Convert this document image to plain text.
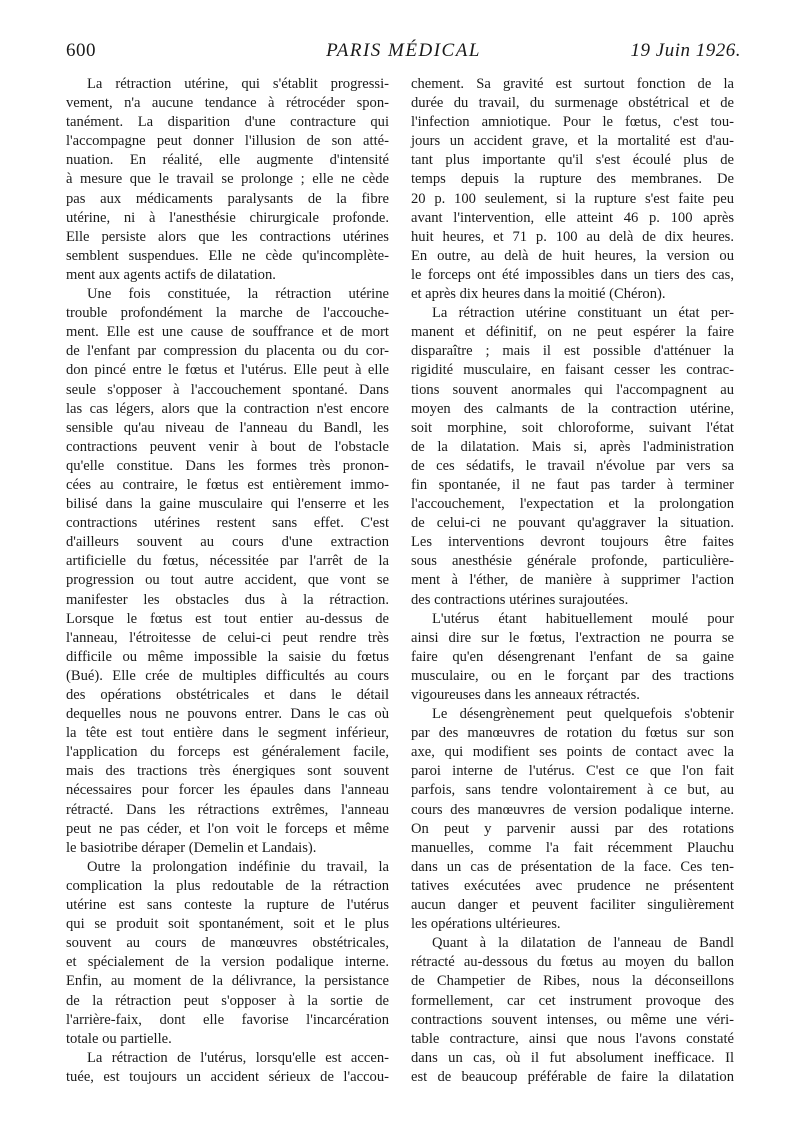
600	PARIS MÉDICAL	19 Juin 1926.
La rétraction utérine, qui s'établit progressi-
vement, n'a aucune tendance à rétrocéder spon-
tanément. La disparition d'une contracture qui
l'accompagne peut donner l'illusion de son atté-
nuation. En réalité, elle augmente d'intensité
à mesure que le travail se prolonge ; elle ne cède
pas aux médicaments paralysants de la fibre
utérine, ni à l'anesthésie chirurgicale profonde.
Elle persiste alors que les contractions utérines
semblent suspendues. Elle ne cède qu'incomplète-
ment aux agents actifs de dilatation.
Une fois constituée, la rétraction utérine
trouble profondément la marche de l'accouche-
ment. Elle est une cause de souffrance et de mort
de l'enfant par compression du placenta ou du cor-
don pincé entre le fœtus et l'utérus. Elle peut à elle
seule s'opposer à l'accouchement spontané. Dans
las cas légers, alors que la contraction n'est encore
sensible qu'au niveau de l'anneau du Bandl, les
contractions peuvent venir à bout de l'obstacle
qu'elle constitue. Dans les formes très pronon-
cées au contraire, le fœtus est entièrement immo-
bilisé dans la gaine musculaire qui l'enserre et les
contractions utérines restent sans effet. C'est
d'ailleurs souvent au cours d'une extraction
artificielle du fœtus, nécessitée par l'arrêt de la
progression ou tout autre accident, que vont se
manifester les obstacles dus à la rétraction.
Lorsque le fœtus est tout entier au-dessus de
l'anneau, l'étroitesse de celui-ci peut rendre très
difficile ou même impossible la saisie du fœtus
(Bué). Elle crée de multiples difficultés au cours
des opérations obstétricales et dans le détail
dequelles nous ne pouvons entrer. Dans le cas où
la tête est tout entière dans le segment inférieur,
l'application du forceps est généralement facile,
mais des tractions très énergiques sont souvent
nécessaires pour forcer les épaules dans l'anneau
rétracté. Dans les rétractions extrêmes, l'anneau
peut ne pas céder, et l'on voit le forceps et même
le basiotribe déraper (Demelin et Landais).
Outre la prolongation indéfinie du travail, la
complication la plus redoutable de la rétraction
utérine est sans conteste la rupture de l'utérus
qui se produit soit spontanément, soit et le plus
souvent au cours de manœuvres obstétricales,
et spécialement de la version podalique interne.
Enfin, au moment de la délivrance, la persistance
de la rétraction peut s'opposer à la sortie de
l'arrière-faix, dont elle favorise l'incarcération
totale ou partielle.
La rétraction de l'utérus, lorsqu'elle est accen-
tuée, est toujours un accident sérieux de l'accou-
chement. Sa gravité est surtout fonction de la
durée du travail, du surmenage obstétrical et de
l'infection amniotique. Pour le fœtus, c'est tou-
jours un accident grave, et la mortalité est d'au-
tant plus importante qu'il s'est écoulé plus de
temps depuis la rupture des membranes. De
20 p. 100 seulement, si la rupture s'est faite peu
avant l'intervention, elle atteint 46 p. 100 après
huit heures, et 71 p. 100 au delà de dix heures.
En outre, au delà de huit heures, la version ou
le forceps ont été impossibles dans un tiers des cas,
et après dix heures dans la moitié (Chéron).
La rétraction utérine constituant un état per-
manent et définitif, on ne peut espérer la faire
disparaître ; mais il est possible d'atténuer la
rigidité musculaire, en faisant cesser les contrac-
tions souvent anormales qui l'accompagnent au
moyen des calmants de la contraction utérine,
soit morphine, soit chloroforme, suivant l'état
de la dilatation. Mais si, après l'administration
de ces sédatifs, le travail n'évolue par vers sa
fin spontanée, il ne faut pas tarder à terminer
l'accouchement, l'expectation et la prolongation
de celui-ci ne pouvant qu'aggraver la situation.
Les interventions devront toujours être faites
sous anesthésie générale profonde, particulière-
ment à l'éther, de manière à supprimer l'action
des contractions utérines surajoutées.
L'utérus étant habituellement moulé pour
ainsi dire sur le fœtus, l'extraction ne pourra se
faire qu'en désengrenant l'enfant de sa gaine
musculaire, ou en le forçant par des tractions
vigoureuses dans les anneaux rétractés.
Le désengrènement peut quelquefois s'obtenir
par des manœuvres de rotation du fœtus sur son
axe, qui modifient ses points de contact avec la
paroi interne de l'utérus. C'est ce que l'on fait
parfois, sans tendre volontairement à ce but, au
cours des manœuvres de version podalique interne.
On peut y parvenir aussi par des rotations
manuelles, comme l'a fait récemment Plauchu
dans un cas de présentation de la face. Ces ten-
tatives exécutées avec prudence ne présentent
aucun danger et peuvent faciliter singulièrement
les opérations ultérieures.
Quant à la dilatation de l'anneau de Bandl
rétracté au-dessous du fœtus au moyen du ballon
de Champetier de Ribes, nous la déconseillons
formellement, car cet instrument provoque des
contractions souvent intenses, ou même une véri-
table contracture, ainsi que nous l'avons constaté
dans un cas, où il fut absolument inefficace. Il
est de beaucoup préférable de faire la dilatation
